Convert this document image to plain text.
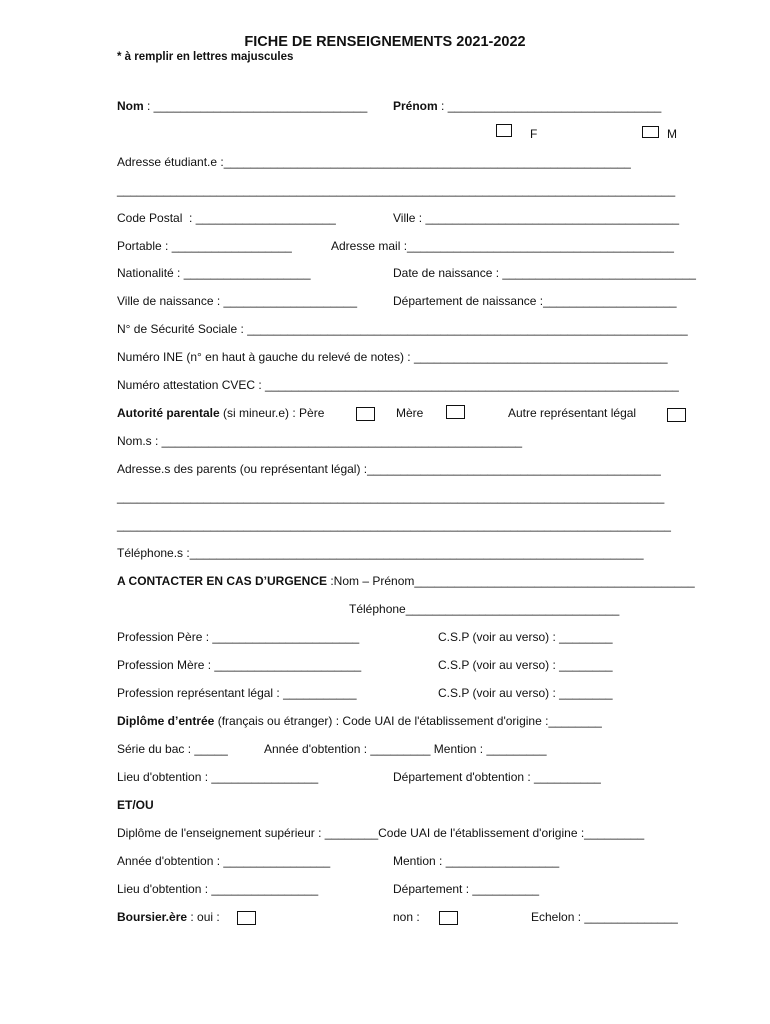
FICHE DE RENSEIGNEMENTS 2021-2022
* à remplir en lettres majuscules
Nom : ________________________________ Prénom : ________________________________
F	M
Adresse étudiant.e :_____________________________________________________________
____________________________________________________________________________________
Code Postal  : _____________________	Ville : ______________________________________
Portable : __________________	Adresse mail :________________________________________
Nationalité : ___________________	Date de naissance : _____________________________
Ville de naissance : ____________________	Département de naissance :____________________
N° de Sécurité Sociale : __________________________________________________________________
Numéro INE (n° en haut à gauche du relevé de notes) : ______________________________________
Numéro attestation CVEC : ______________________________________________________________
Autorité parentale (si mineur.e) : Père	Mère	Autre représentant légal
Nom.s : ______________________________________________________
Adresse.s des parents (ou représentant légal) :____________________________________________
__________________________________________________________________________________
___________________________________________________________________________________
Téléphone.s :____________________________________________________________________
A CONTACTER EN CAS D’URGENCE :Nom – Prénom__________________________________________
Téléphone________________________________
Profession Père : ______________________	C.S.P (voir au verso) : ________
Profession Mère : ______________________	C.S.P (voir au verso) : ________
Profession représentant légal : ___________	C.S.P (voir au verso) : ________
Diplôme d’entrée (français ou étranger) : Code UAI de l'établissement d'origine :________
Série du bac : _____	Année d'obtention : _________ Mention : _________
Lieu d'obtention : ________________	Département d'obtention : __________
ET/OU
Diplôme de l'enseignement supérieur : ________Code UAI de l'établissement d'origine :_________
Année d'obtention : ________________	Mention : _________________
Lieu d'obtention : ________________	Département : __________
Boursier.ère : oui :	non :	Echelon : ______________
